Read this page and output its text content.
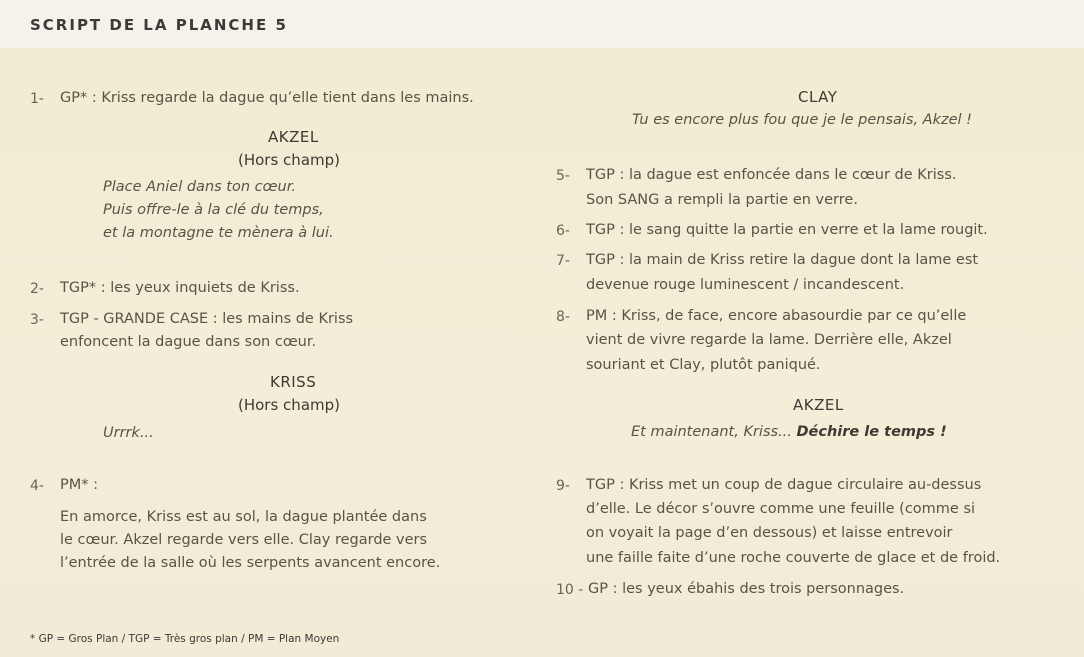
SCRIPT DE LA PLANCHE 5
1- GP* : Kriss regarde la dague qu’elle tient dans les mains.
AKZEL
(Hors champ)
Place Aniel dans ton cœur.
Puis offre-le à la clé du temps,
et la montagne te mènera à lui.
2- TGP* : les yeux inquiets de Kriss.
3- TGP - GRANDE CASE : les mains de Kriss
enfoncent la dague dans son cœur.
KRISS
(Hors champ)
Urrrk...
4- PM* :
En amorce, Kriss est au sol, la dague plantée dans
le cœur. Akzel regarde vers elle. Clay regarde vers
l’entrée de la salle où les serpents avancent encore.
CLAY
Tu es encore plus fou que je le pensais, Akzel !
5- TGP : la dague est enfoncée dans le cœur de Kriss.
Son SANG a rempli la partie en verre.
6- TGP : le sang quitte la partie en verre et la lame rougit.
7- TGP : la main de Kriss retire la dague dont la lame est
devenue rouge luminescent / incandescent.
8- PM : Kriss, de face, encore abasourdie par ce qu’elle
vient de vivre regarde la lame. Derrière elle, Akzel
souriant et Clay, plutôt paniqué.
AKZEL
Et maintenant, Kriss... Déchire le temps !
9- TGP : Kriss met un coup de dague circulaire au-dessus
d’elle. Le décor s’ouvre comme une feuille (comme si
on voyait la page d’en dessous) et laisse entrevoir
une faille faite d’une roche couverte de glace et de froid.
10 - GP : les yeux ébahis des trois personnages.
* GP = Gros Plan / TGP = Très gros plan / PM = Plan Moyen
